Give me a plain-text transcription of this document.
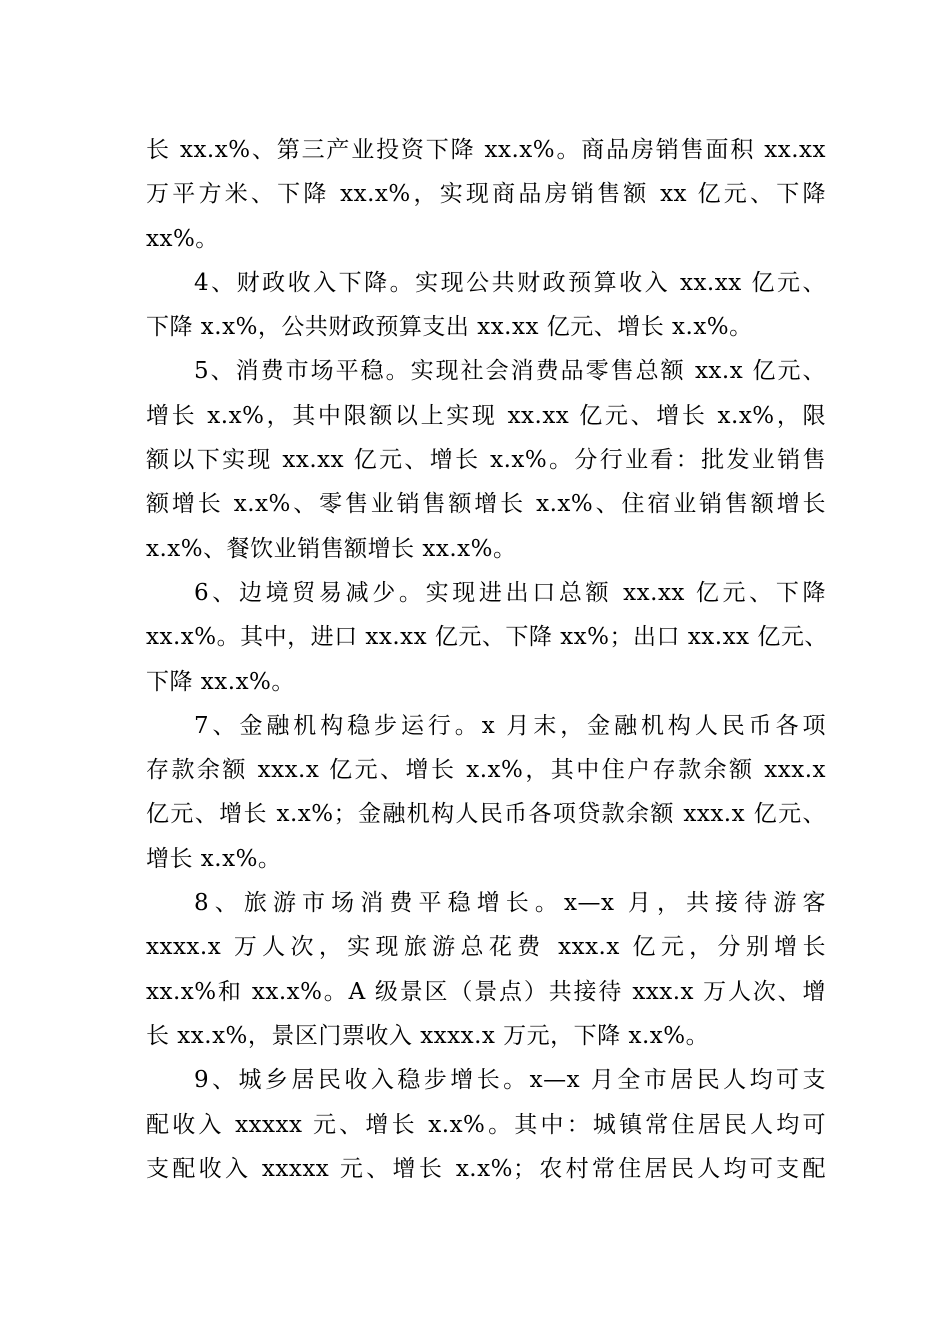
长 xx.x%、第三产业投资下降 xx.x%。商品房销售面积 xx.xx
万平方米、下降 xx.x%，实现商品房销售额 xx 亿元、下降
xx%。
4、财政收入下降。实现公共财政预算收入 xx.xx 亿元、
下降 x.x%，公共财政预算支出 xx.xx 亿元、增长 x.x%。
5、消费市场平稳。实现社会消费品零售总额 xx.x 亿元、
增长 x.x%，其中限额以上实现 xx.xx 亿元、增长 x.x%，限
额以下实现 xx.xx 亿元、增长 x.x%。分行业看：批发业销售
额增长 x.x%、零售业销售额增长 x.x%、住宿业销售额增长
x.x%、餐饮业销售额增长 xx.x%。
6、边境贸易减少。实现进出口总额 xx.xx 亿元、下降
xx.x%。其中，进口 xx.xx 亿元、下降 xx%；出口 xx.xx 亿元、
下降 xx.x%。
7、金融机构稳步运行。x 月末，金融机构人民币各项
存款余额 xxx.x 亿元、增长 x.x%，其中住户存款余额 xxx.x
亿元、增长 x.x%；金融机构人民币各项贷款余额 xxx.x 亿元、
增长 x.x%。
8、旅游市场消费平稳增长。x—x 月，共接待游客
xxxx.x 万人次，实现旅游总花费 xxx.x 亿元，分别增长
xx.x%和 xx.x%。A 级景区（景点）共接待 xxx.x 万人次、增
长 xx.x%，景区门票收入 xxxx.x 万元，下降 x.x%。
9、城乡居民收入稳步增长。x—x 月全市居民人均可支
配收入 xxxxx 元、增长 x.x%。其中：城镇常住居民人均可
支配收入 xxxxx 元、增长 x.x%；农村常住居民人均可支配
